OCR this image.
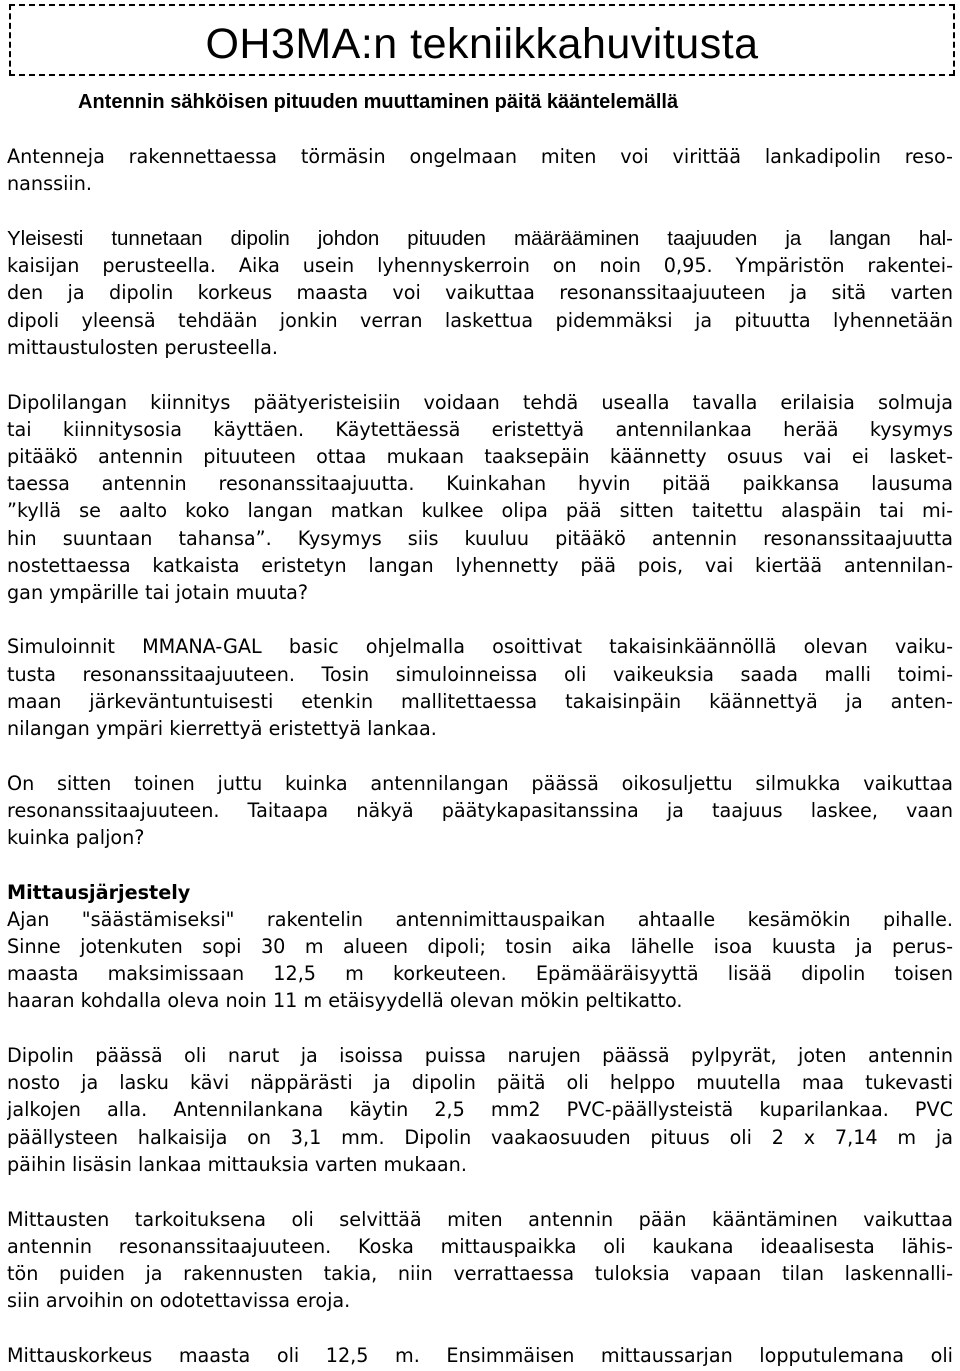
OH3MA:n tekniikkahuvitusta
Antennin sähköisen pituuden muuttaminen päitä kääntelemällä
Antenneja rakennettaessa törmäsin ongelmaan miten voi virittää lankadipolin reso-
nanssiin.
Yleisesti tunnetaan dipolin johdon pituuden määrääminen taajuuden ja langan hal-
kaisijan perusteella. Aika usein lyhennyskerroin on noin 0,95. Ympäristön rakentei-
den ja dipolin korkeus maasta voi vaikuttaa resonanssitaajuuteen ja sitä varten
dipoli yleensä tehdään jonkin verran laskettua pidemmäksi ja pituutta lyhennetään
mittaustulosten perusteella.
Dipolilangan kiinnitys päätyeristeisiin voidaan tehdä usealla tavalla erilaisia solmuja
tai kiinnitysosia käyttäen. Käytettäessä eristettyä antennilankaa herää kysymys
pitääkö antennin pituuteen ottaa mukaan taaksepäin käännetty osuus vai ei lasket-
taessa antennin resonanssitaajuutta. Kuinkahan hyvin pitää paikkansa lausuma
”kyllä se aalto koko langan matkan kulkee olipa pää sitten taitettu alaspäin tai mi-
hin suuntaan tahansa”. Kysymys siis kuuluu pitääkö antennin resonanssitaajuutta
nostettaessa katkaista eristetyn langan lyhennetty pää pois, vai kiertää antennilan-
gan ympärille tai jotain muuta?
Simuloinnit MMANA-GAL basic ohjelmalla osoittivat takaisinkäännöllä olevan vaiku-
tusta resonanssitaajuuteen. Tosin simuloinneissa oli vaikeuksia saada malli toimi-
maan järkeväntuntuisesti etenkin mallitettaessa takaisinpäin käännettyä ja anten-
nilangan ympäri kierrettyä eristettyä lankaa.
On sitten toinen juttu kuinka antennilangan päässä oikosuljettu silmukka vaikuttaa
resonanssitaajuuteen. Taitaapa näkyä päätykapasitanssina ja taajuus laskee, vaan
kuinka paljon?
Mittausjärjestely
Ajan "säästämiseksi" rakentelin antennimittauspaikan ahtaalle kesämökin pihalle.
Sinne jotenkuten sopi 30 m alueen dipoli; tosin aika lähelle isoa kuusta ja perus-
maasta maksimissaan 12,5 m korkeuteen. Epämääräisyyttä lisää dipolin toisen
haaran kohdalla oleva noin 11 m etäisyydellä olevan mökin peltikatto.
Dipolin päässä oli narut ja isoissa puissa narujen päässä pylpyrät, joten antennin
nosto ja lasku kävi näppärästi ja dipolin päitä oli helppo muutella maa tukevasti
jalkojen alla. Antennilankana käytin 2,5 mm2 PVC-päällysteistä kuparilankaa. PVC
päällysteen halkaisija on 3,1 mm. Dipolin vaakaosuuden pituus oli 2 x 7,14 m ja
päihin lisäsin lankaa mittauksia varten mukaan.
Mittausten tarkoituksena oli selvittää miten antennin pään kääntäminen vaikuttaa
antennin resonanssitaajuuteen. Koska mittauspaikka oli kaukana ideaalisesta lähis-
tön puiden ja rakennusten takia, niin verrattaessa tuloksia vapaan tilan laskennalli-
siin arvoihin on odotettavissa eroja.
Mittauskorkeus maasta oli 12,5 m. Ensimmäisen mittaussarjan lopputulemana oli
